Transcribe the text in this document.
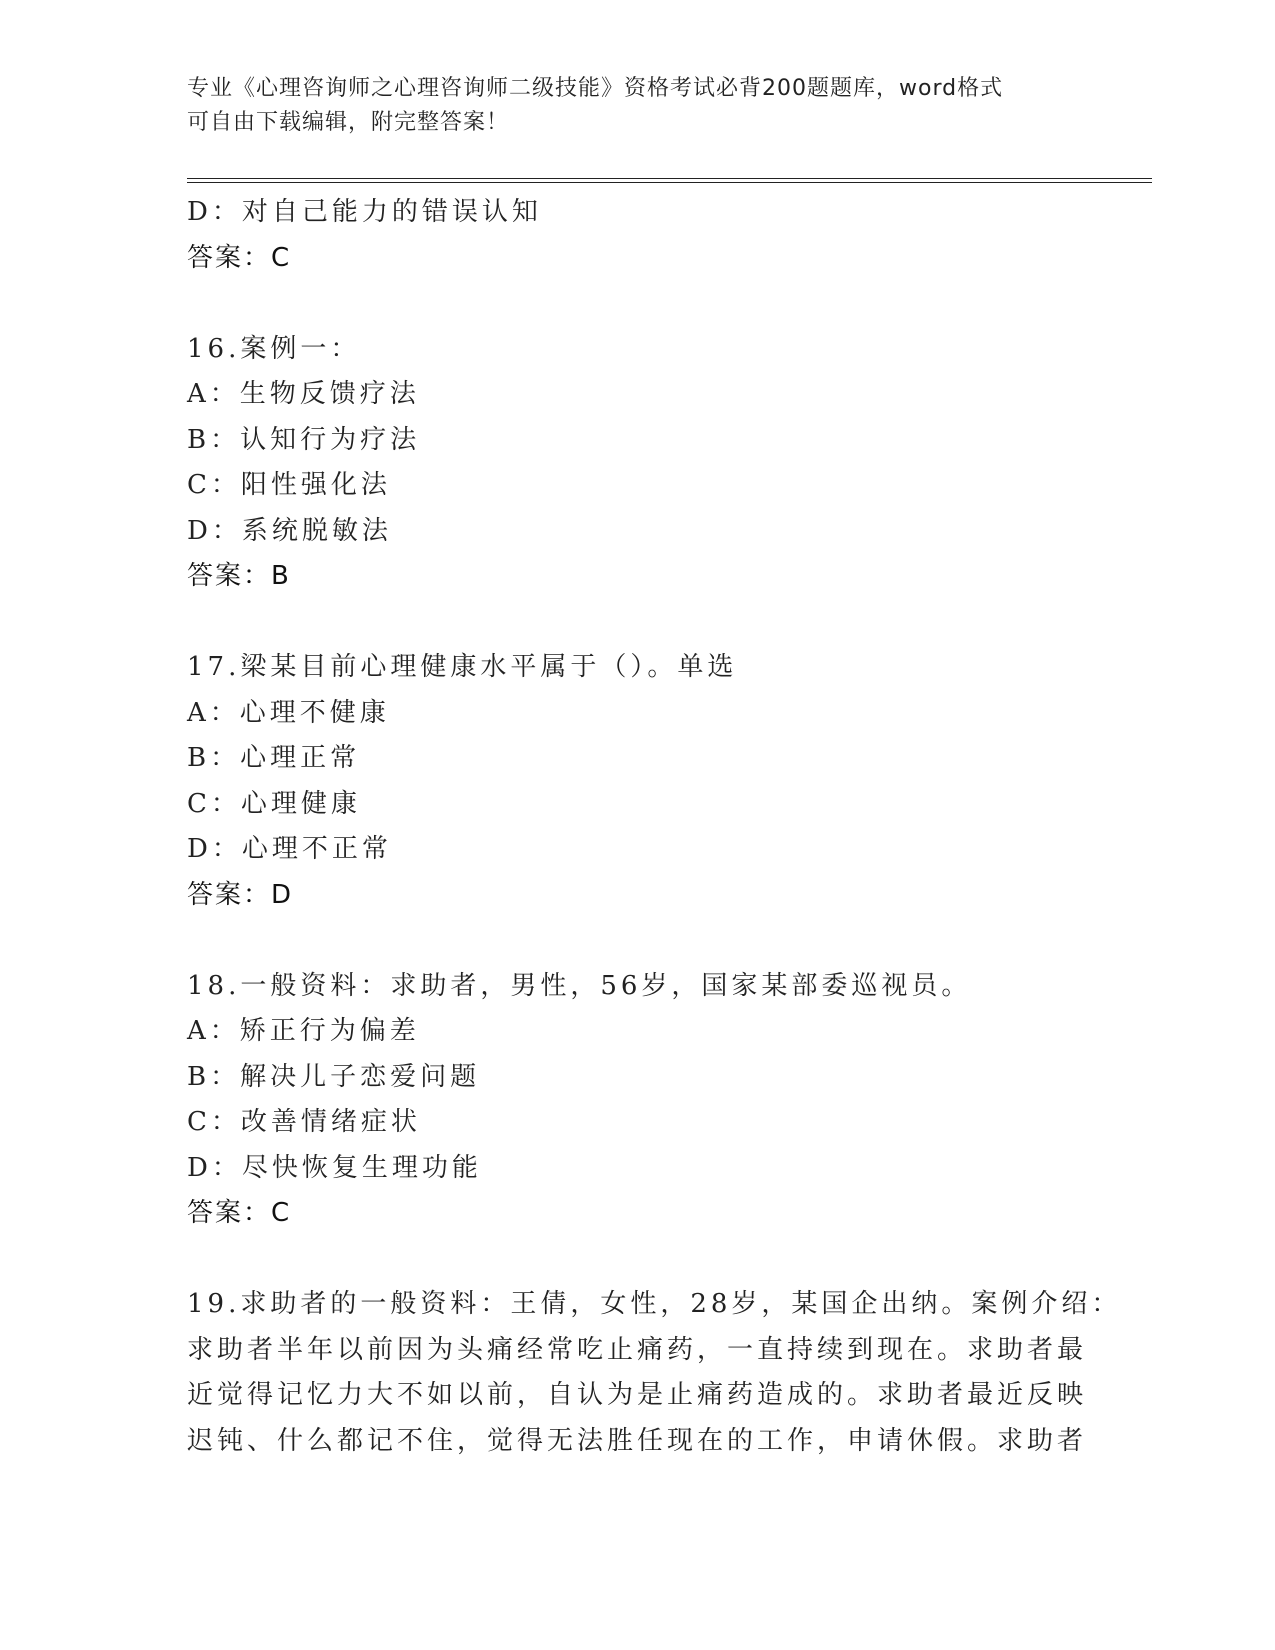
专业《心理咨询师之心理咨询师二级技能》资格考试必背200题题库，word格式
可自由下载编辑，附完整答案！
D：对自己能力的错误认知
答案：C
16.案例一：
A：生物反馈疗法
B：认知行为疗法
C：阳性强化法
D：系统脱敏法
答案：B
17.梁某目前心理健康水平属于（）。单选
A：心理不健康
B：心理正常
C：心理健康
D：心理不正常
答案：D
18.一般资料：求助者，男性，56岁，国家某部委巡视员。
A：矫正行为偏差
B：解决儿子恋爱问题
C：改善情绪症状
D：尽快恢复生理功能
答案：C
19.求助者的一般资料：王倩，女性，28岁，某国企出纳。案例介绍：
求助者半年以前因为头痛经常吃止痛药，一直持续到现在。求助者最
近觉得记忆力大不如以前，自认为是止痛药造成的。求助者最近反映
迟钝、什么都记不住，觉得无法胜任现在的工作，申请休假。求助者
